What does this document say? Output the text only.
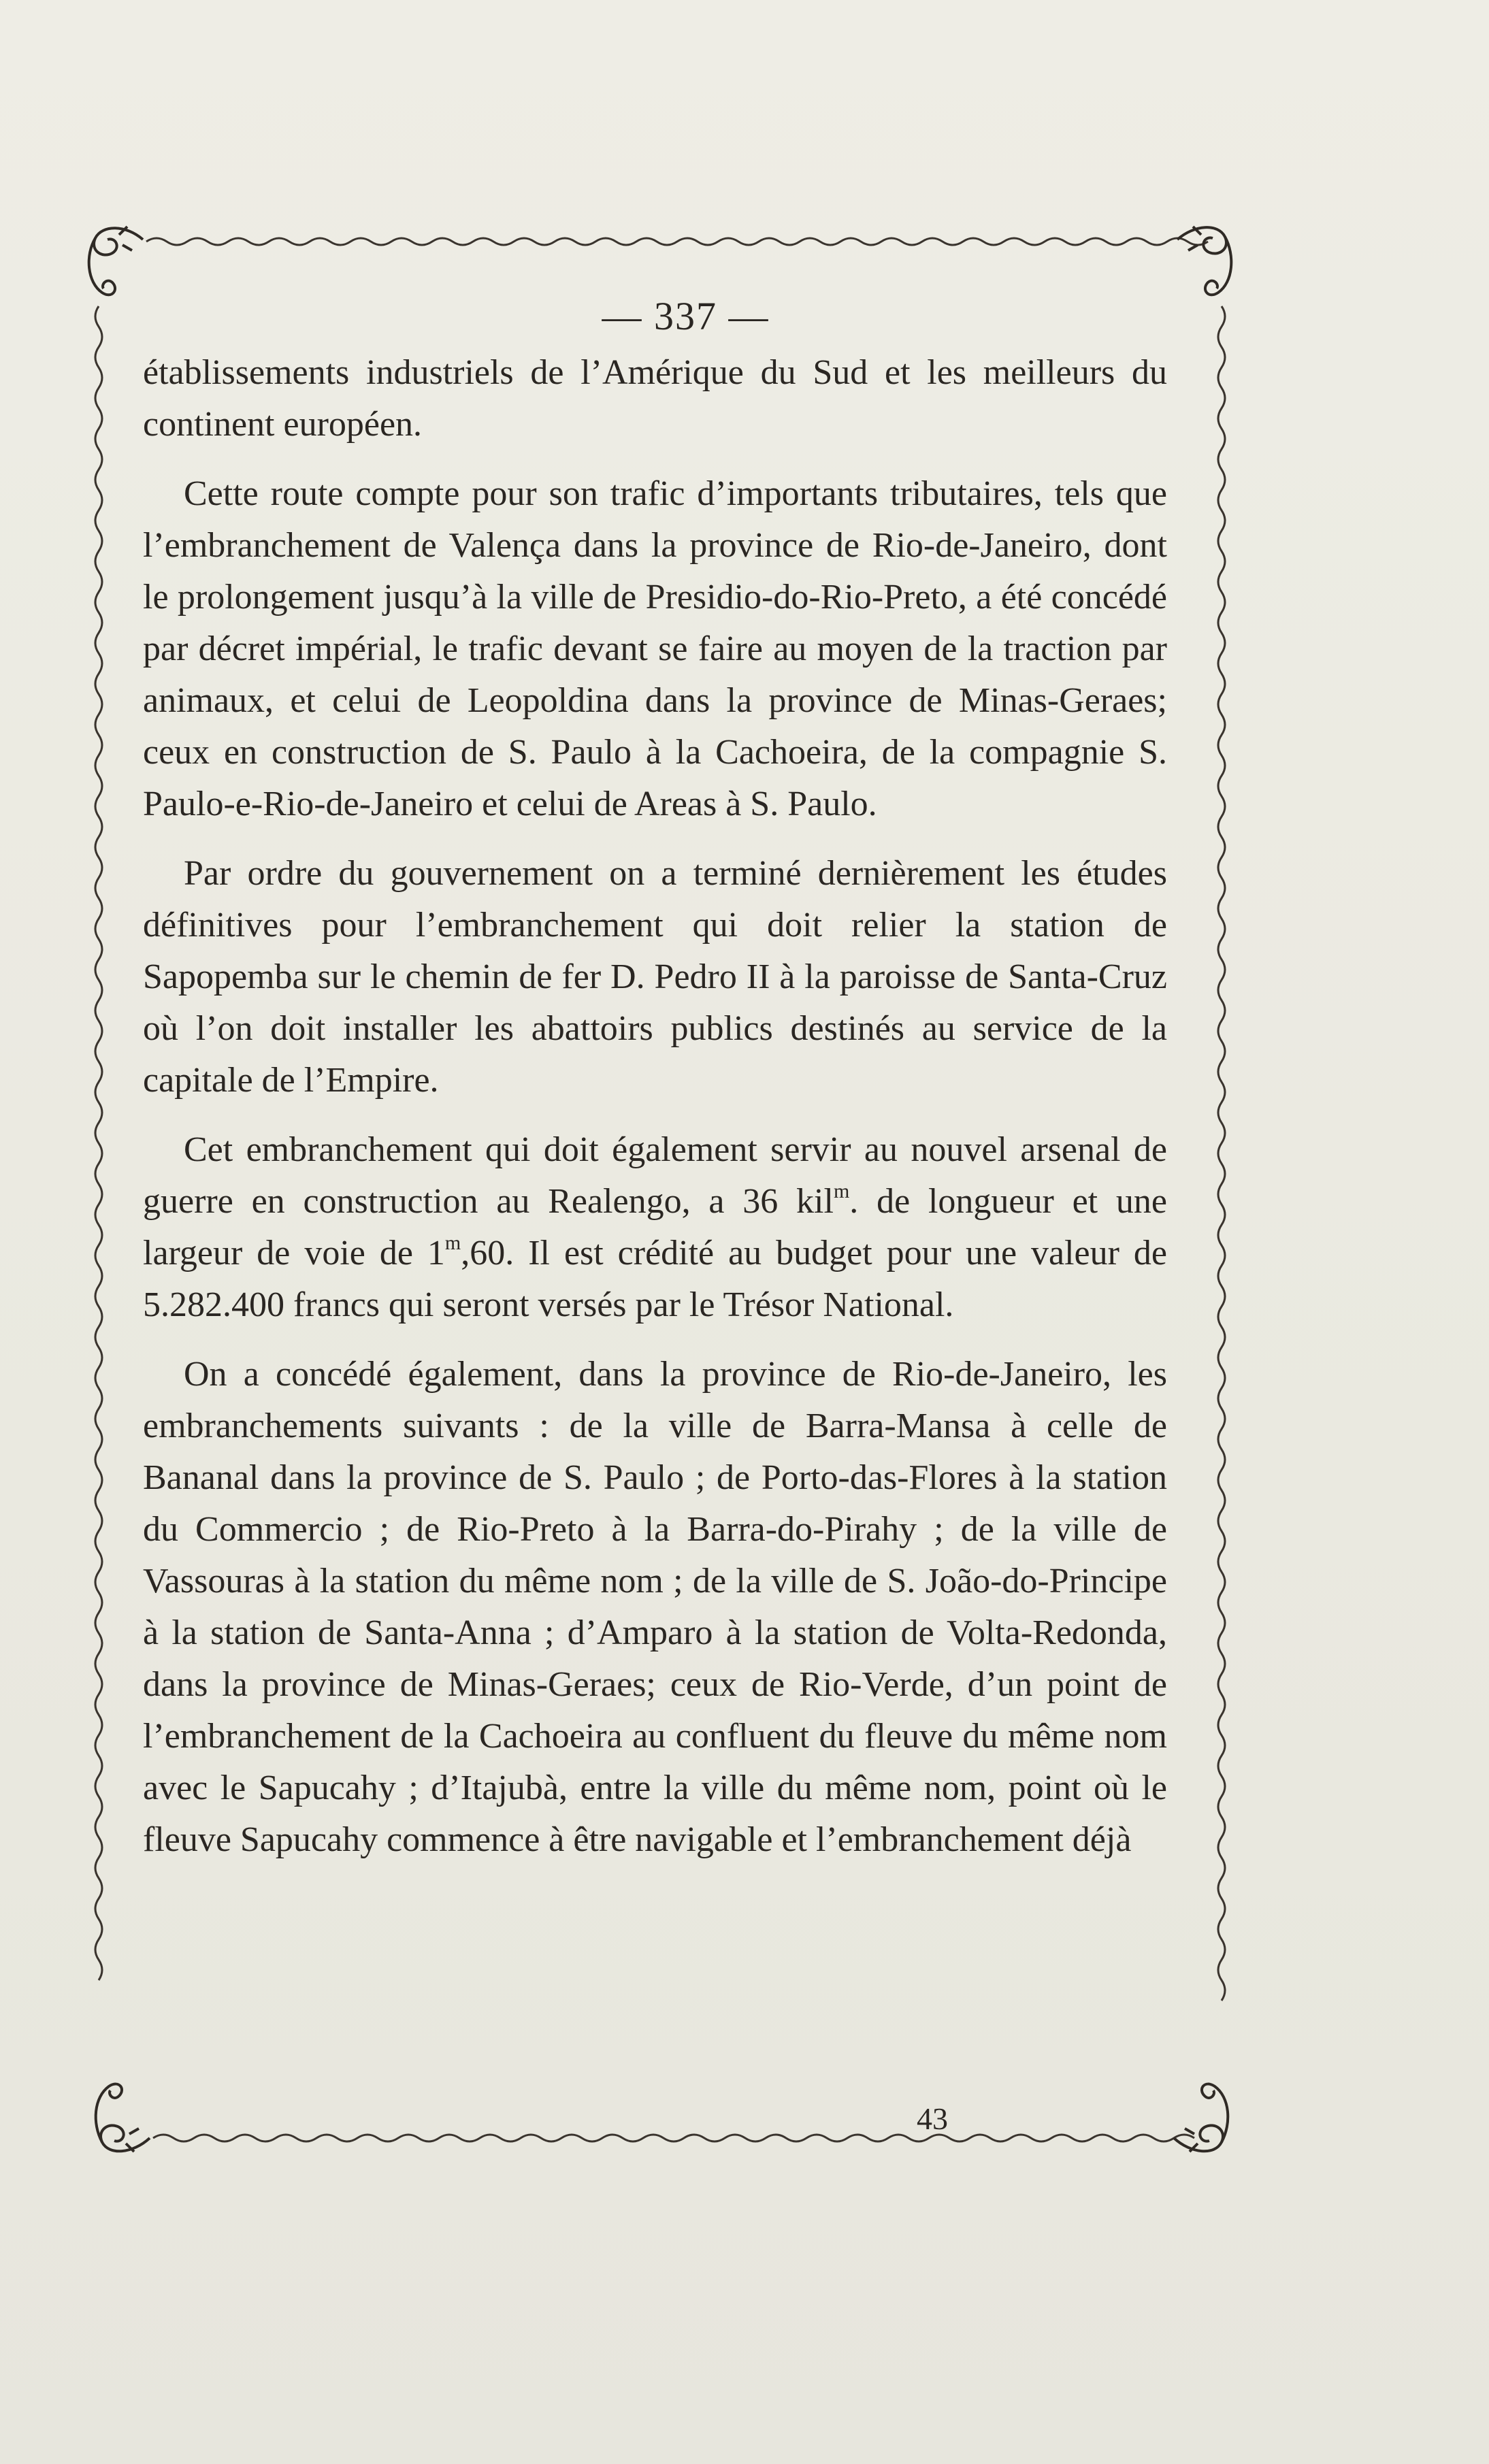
— 337 —

établissements industriels de l’Amérique du Sud et les meilleurs du continent européen.

Cette route compte pour son trafic d’importants tributaires, tels que l’embranchement de Valença dans la province de Rio-de-Janeiro, dont le prolongement jusqu’à la ville de Presidio-do-Rio-Preto, a été concédé par décret impérial, le trafic devant se faire au moyen de la traction par animaux, et celui de Leopoldina dans la province de Minas-Geraes; ceux en construction de S. Paulo à la Cachoeira, de la compagnie S. Paulo-e-Rio-de-Janeiro et celui de Areas à S. Paulo.

Par ordre du gouvernement on a terminé dernièrement les études définitives pour l’embranchement qui doit relier la station de Sapopemba sur le chemin de fer D. Pedro II à la paroisse de Santa-Cruz où l’on doit installer les abattoirs publics destinés au service de la capitale de l’Empire.

Cet embranchement qui doit également servir au nouvel arsenal de guerre en construction au Realengo, a 36 kil$^m$. de longueur et une largeur de voie de 1$^m$,60. Il est crédité au budget pour une valeur de 5.282.400 francs qui seront versés par le Trésor National.

On a concédé également, dans la province de Rio-de-Janeiro, les embranchements suivants : de la ville de Barra-Mansa à celle de Bananal dans la province de S. Paulo ; de Porto-das-Flores à la station du Commercio ; de Rio-Preto à la Barra-do-Pirahy ; de la ville de Vassouras à la station du même nom ; de la ville de S. João-do-Principe à la station de Santa-Anna ; d’Amparo à la station de Volta-Redonda, dans la province de Minas-Geraes; ceux de Rio-Verde, d’un point de l’embranchement de la Cachoeira au confluent du fleuve du même nom avec le Sapucahy ; d’Itajubà, entre la ville du même nom, point où le fleuve Sapucahy commence à être navigable et l’embranchement déjà

43
